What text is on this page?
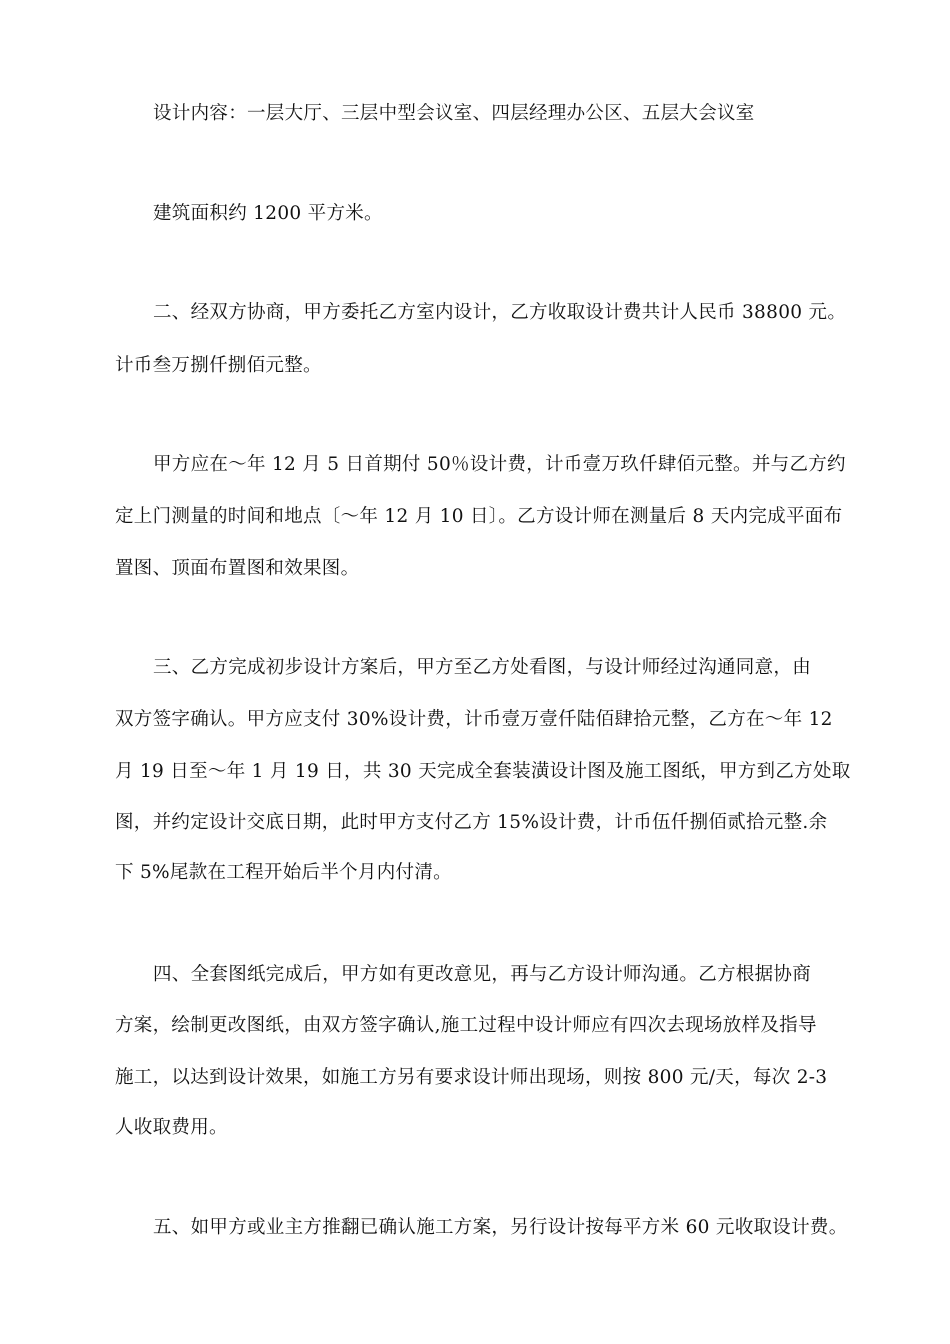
设计内容：一层大厅、三层中型会议室、四层经理办公区、五层大会议室
建筑面积约 1200 平方米。
二、经双方协商，甲方委托乙方室内设计，乙方收取设计费共计人民币 38800 元。
计币叁万捌仟捌佰元整。
甲方应在～年 12 月 5 日首期付 50％设计费，计币壹万玖仟肆佰元整。并与乙方约
定上门测量的时间和地点〔～年 12 月 10 日〕。乙方设计师在测量后 8 天内完成平面布
置图、顶面布置图和效果图。
三、乙方完成初步设计方案后，甲方至乙方处看图，与设计师经过沟通同意，由
双方签字确认。甲方应支付 30%设计费，计币壹万壹仟陆佰肆拾元整，乙方在～年 12
月 19 日至～年 1 月 19 日，共 30 天完成全套装潢设计图及施工图纸，甲方到乙方处取
图，并约定设计交底日期，此时甲方支付乙方 15%设计费，计币伍仟捌佰贰拾元整.余
下 5%尾款在工程开始后半个月内付清。
四、全套图纸完成后，甲方如有更改意见，再与乙方设计师沟通。乙方根据协商
方案，绘制更改图纸，由双方签字确认,施工过程中设计师应有四次去现场放样及指导
施工，以达到设计效果，如施工方另有要求设计师出现场，则按 800 元/天，每次 2-3
人收取费用。
五、如甲方或业主方推翻已确认施工方案，另行设计按每平方米 60 元收取设计费。
